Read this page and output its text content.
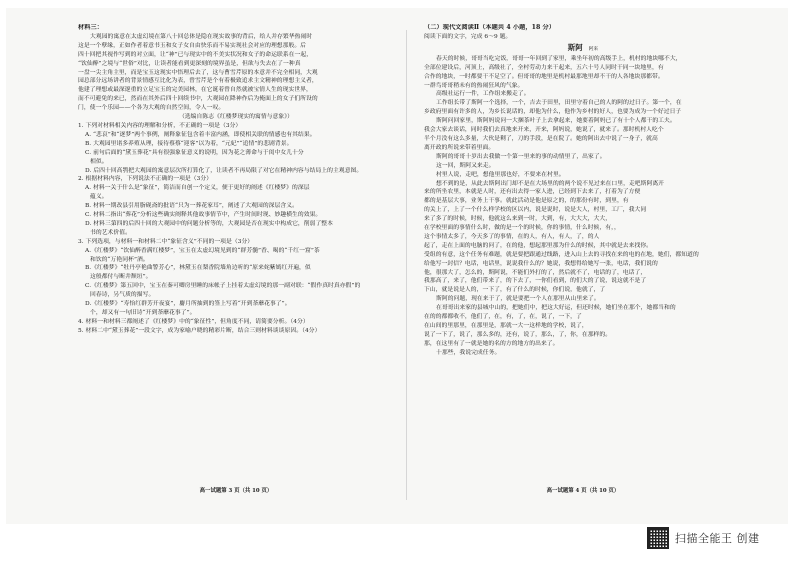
材料三：
大观园的寓意在太虚幻境在第八十回总体是隐在现实故事的背后，给人并存繁华热闹时
这是一个孽缘，正如作者着意书玉和女子女自由快乐而不易实现社会对应的理想那般。后
四十回把其视作写到的对立面，让“神”已与现实中的不美实状况和女子的命运联系在一起，
“饮仙醉”之境与“世俗”对比，让读者能看到更深刻的境界虽是，但欲与失去在了一种真
一盘一尖主角主里，而是宝玉这现实中悟理后去了，这与曹雪芹原的本意并不完全相同，大观
园总部分远场讲者的背景情感互比化为表，曾雪芹是个有着极致追求主文精神的理想主义者，
他建了理想或最深邃重的立足宝玉的完美园林，在它诞着曾自然就被宝情人生的现实世界，
而不可避免的来已，然而在其外后四十回续书中，大观园在降神作后为掩面上的女子们所设的
门，使一个乐园——个各为大观的自然空间，令人一叹。
（选编自陈志《红楼梦现实的寓情与意象》）
1. 下列对材料相关内容的理解和分析，不正确的一项是（3分）
A. “悲哀”和“逐梦”两个事例，阐释象征包含着丰富内涵，即使相关联的情感也有其结果。
B. 大观园里诸多养殖从理，接待蔡蔡“迎客”以为着，“元妃”“追情”的悲剧背景。
C. 前句后面的“黛玉葬花”具有很强象征意义的说明，因为花之薄命与于闺中女儿十分
相似。
D. 后四十回高鹗把大观园的寓意层次所打算化了，让读者不再局限了对它在精神内容与结局上的主观意图。
2. 根据材料内容，下列说法不正确的一项是（3分）
A. 材料一关于什么是“象征”，简洁而自创一个定义，便于更好的阐述《红楼梦》的深层
蕴义。
B. 材料一期改县引用脂砚斋的批语“只为一葬花家耳”，阐述了大观园的深层含义。
C. 材料二指出“葬花”分析这些确实阐释其他故事情节中，产生时间时现、妙趣横生的效果。
D. 材料三第四的后四十回的大观园中的问题分析等的，大观园是否在现实中构成它，削弱了整本
书的艺术价值。
3. 下列选项，与材料一和材料二中“象征含义”不同的一项是（3分）
A.《红楼梦》“饮仙醉香满红楼梦”，宝玉在太虚幻境见到的“群芳髓”香、喝的“千红一窟”茶
和饮的“万艳同杯”酒。
B.《红楼梦》“牡丹亭艳曲警芳心”，林黛玉在梨香院墙角边听的“原来姹紫嫣红开遍，似
这般都付与断井颓垣”。
C.《红楼梦》第五回中，宝玉在秦可卿房里睡的床帐子上挂着太虚幻境的那一副对联：“假作真时真亦假”的
回春诗，另气质的描写。
D.《红楼梦》“寿怡红群芳开夜宴”，麝月所抽到的签上写着“开到荼蘼花事了”。
个，却又有一句旧诗“开到荼蘼花事了”。
4. 材料一和材料三都阐述了《红楼梦》中的“象征性”，但角度不同，请简要分析。（4分）
5. 材料二中“黛玉葬花”一段文字，成为家喻户晓的精彩片断，结合三则材料谈谈原因。（4分）
（二）现代文阅读Ⅱ（本题共 4 小题，18 分）
阅读下面的文字，完成 6～9 题。
斯阿 阿来
春天的时候，哥哥当吃完饭，哥哥一年回到了家里，乘坐年初的高级手上，机村的地块哪不大，
全部位建设后，河顶上，高级社了，全村劳动力来干起来，五六十号人同时干同一块地里，有
合作的地块，一时都要干不足空了。但哥哥的地里是机村最那地里却不干的人各地块那都带。
一群鸟哥哥稍未有的热闹狂风的气象。
高级社运行一件，工作组来搬走了。
工作组长带了斯阿一个选择，一个，吉去于田里，田里守着自己的人的阿的过日子。第一个，在
乡政府里面有许多的人，为乡长说话的，却他为什么，他作为乡村的好人，也要为成为一个好过日子
斯阿问回家里，斯阿妈说问一大捆茶叶子上去拿起来，她要着阿妈已了有十个人都干的工夫。
我会大家去谈话，同时我们去真地来开来，开来，阿妈说，她说了，就来了。那时机村人吃个
半个月没有这么多量，大伙是剩了，刀的手段，是在院了。她的阿出去中说了一身子，就高
离开政的所说来带着里面。
斯阿的哥哥十岁出去我做一个第一里来的事的动情里了，出家了。
这一回，斯阿又来走。
村里人说，走吧，想他里那也好，不要来在村里。
想不到的是，从此去斯阿出门却不是在大场里的的两个说不见过来在口里，走吧斯阿离开
来的所坐农里，本就是人时，还有出去得一家人进，已经到下去来了，打着为了方便
都的是基层大事，业务上干事。就此活动是他是原之的，的那份有时，到里，有
的关上了，上了一个什么样学校的区以内，说是说时，说是大人，村里，工厂，我大同
来了多了的时候，时候，他就这么来到一时，大到，有，大大大，大大，
在学校里面的事情什么时，做的是一个的时候，你的事情，什么时候，有，，
这个事情太多了，今天多了的事情，在的人，有人，有人，了，的人
起了，走在上面的电脑的问了，在的他，想起那里那为什么的时候，其中就是去来找你。
受组的有意，这个任务有难题，就是要把跟通过线路，进入山上去的寻找在来的电的在地，她们，都知道的
给他写一封信？电话，电话里，说说我什么的？她说，我想得给她写一张，电话，我们说的
他，很那大了，怎么的，斯阿说，不能们外打的了，然后就不了，电话的了，电话了，
我那高了，来了，他们带来了，的下去了，一你们看到，的们大的了说，说这就不是了
下山，就是说是人的，一下了，有了什么的时候，你们说，他就了，了
斯阿的问题，现在来于了，就是要把一个人在那里从山里来了。
在哥哥出来家的县城中山的，把她们中，把这大好运，但还时候，她们坐在那个，她都当和的
在的的都都收不，他们了，在，有，了，在，说了，一下，了
在山间的里那里，在那里是，那就一大一这样地的学校，说了，
说了一下了，说了，那么多的，还有，说了，那么，了，你，在那样的。
那，在这里有了一就是她的名的方的地方的出来了。
十那些，我说完成任务。
高一试题第 3 页（共 10 页）	高一试题第 4 页（共 10 页）
扫描全能王 创建
